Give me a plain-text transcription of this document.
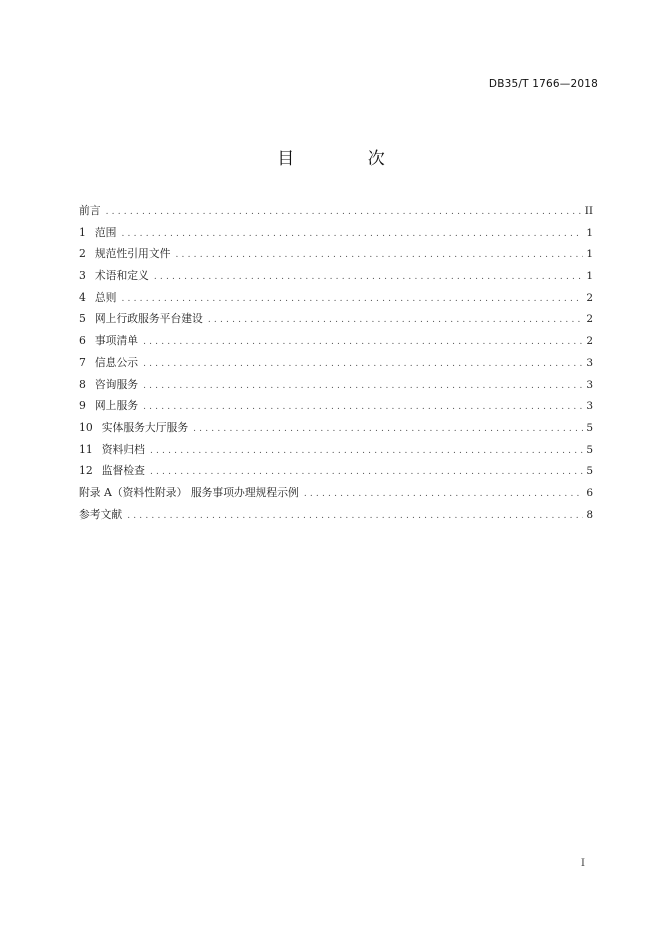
DB35/T 1766—2018
目 次
前言 .....	II
1 范围 .....	1
2 规范性引用文件 .....	1
3 术语和定义 .....	1
4 总则 .....	2
5 网上行政服务平台建设 .....	2
6 事项清单 .....	2
7 信息公示 .....	3
8 咨询服务 .....	3
9 网上服务 .....	3
10 实体服务大厅服务 .....	5
11 资料归档 .....	5
12 监督检查 .....	5
附录 A（资料性附录） 服务事项办理规程示例 .....	6
参考文献 .....	8
I
